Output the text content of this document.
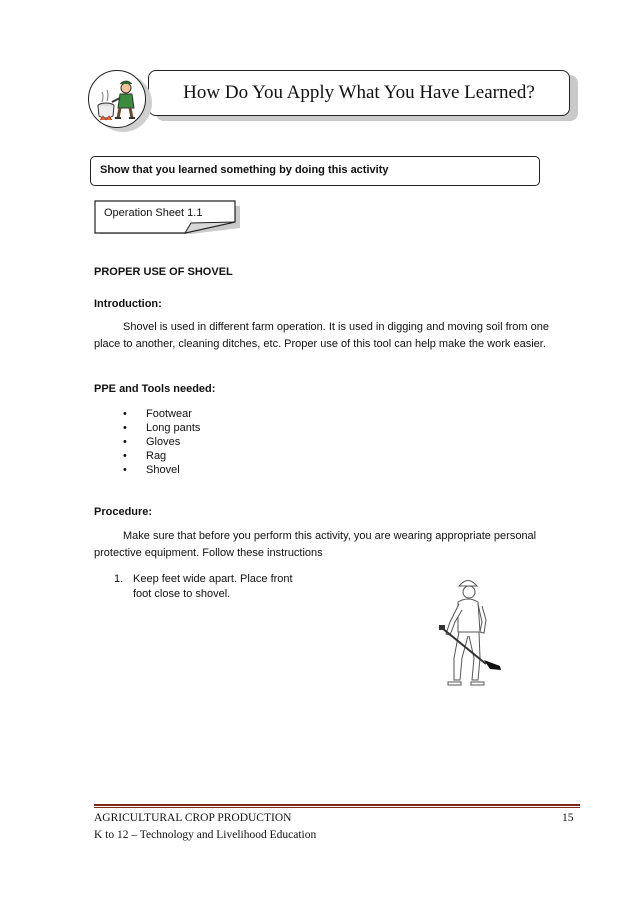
How Do You Apply What You Have Learned?
Show that you learned something by doing this activity
Operation Sheet 1.1
PROPER USE OF SHOVEL
Introduction:
Shovel is used in different farm operation. It is used in digging and moving soil from one place to another, cleaning ditches, etc. Proper use of this tool can help make the work easier.
PPE and Tools needed:
• Footwear
• Long pants
• Gloves
• Rag
• Shovel
Procedure:
Make sure that before you perform this activity, you are wearing appropriate personal protective equipment. Follow these instructions
1. Keep feet wide apart. Place front
foot close to shovel.
AGRICULTURAL CROP PRODUCTION
K to 12 – Technology and Livelihood Education
15
